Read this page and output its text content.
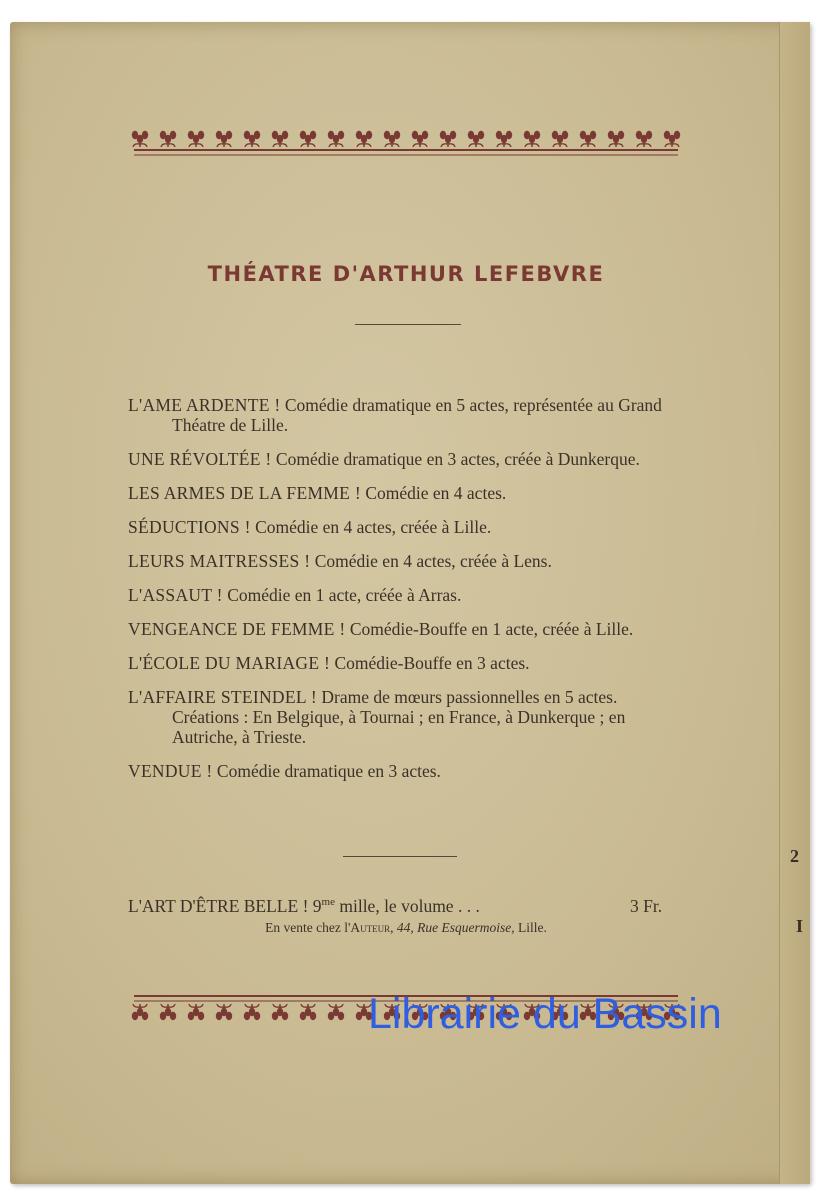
THÉATRE D'ARTHUR LEFEBVRE
L'AME ARDENTE ! Comédie dramatique en 5 actes, représentée au Grand Théatre de Lille.
UNE RÉVOLTÉE ! Comédie dramatique en 3 actes, créée à Dunkerque.
LES ARMES DE LA FEMME ! Comédie en 4 actes.
SÉDUCTIONS ! Comédie en 4 actes, créée à Lille.
LEURS MAITRESSES ! Comédie en 4 actes, créée à Lens.
L'ASSAUT ! Comédie en 1 acte, créée à Arras.
VENGEANCE DE FEMME ! Comédie-Bouffe en 1 acte, créée à Lille.
L'ÉCOLE DU MARIAGE ! Comédie-Bouffe en 3 actes.
L'AFFAIRE STEINDEL ! Drame de mœurs passionnelles en 5 actes. Créations : En Belgique, à Tournai ; en France, à Dunkerque ; en Autriche, à Trieste.
VENDUE ! Comédie dramatique en 3 actes.
L'ART D'ÊTRE BELLE ! $9^{me}$ mille, le volume . . .	3 Fr.
En vente chez l'Auteur, 44, Rue Esquermoise, Lille.
2
I
Librairie du Bassin
